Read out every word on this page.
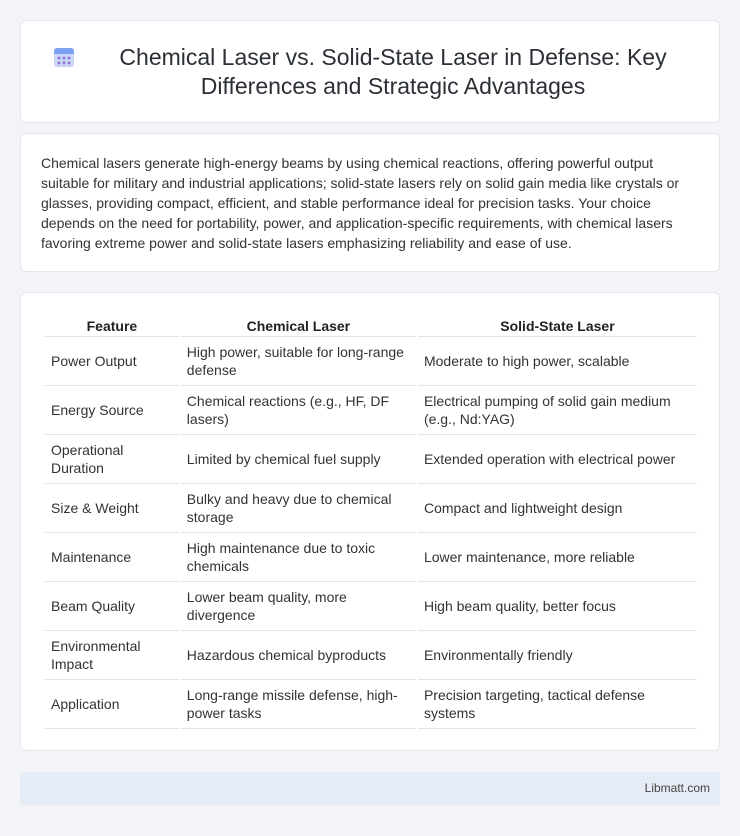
Chemical Laser vs. Solid-State Laser in Defense: Key Differences and Strategic Advantages

Chemical lasers generate high-energy beams by using chemical reactions, offering powerful output suitable for military and industrial applications; solid-state lasers rely on solid gain media like crystals or glasses, providing compact, efficient, and stable performance ideal for precision tasks. Your choice depends on the need for portability, power, and application-specific requirements, with chemical lasers favoring extreme power and solid-state lasers emphasizing reliability and ease of use.

Feature	Chemical Laser	Solid-State Laser
Power Output	High power, suitable for long-range defense	Moderate to high power, scalable
Energy Source	Chemical reactions (e.g., HF, DF lasers)	Electrical pumping of solid gain medium (e.g., Nd:YAG)
Operational Duration	Limited by chemical fuel supply	Extended operation with electrical power
Size & Weight	Bulky and heavy due to chemical storage	Compact and lightweight design
Maintenance	High maintenance due to toxic chemicals	Lower maintenance, more reliable
Beam Quality	Lower beam quality, more divergence	High beam quality, better focus
Environmental Impact	Hazardous chemical byproducts	Environmentally friendly
Application	Long-range missile defense, high-power tasks	Precision targeting, tactical defense systems
Libmatt.com
